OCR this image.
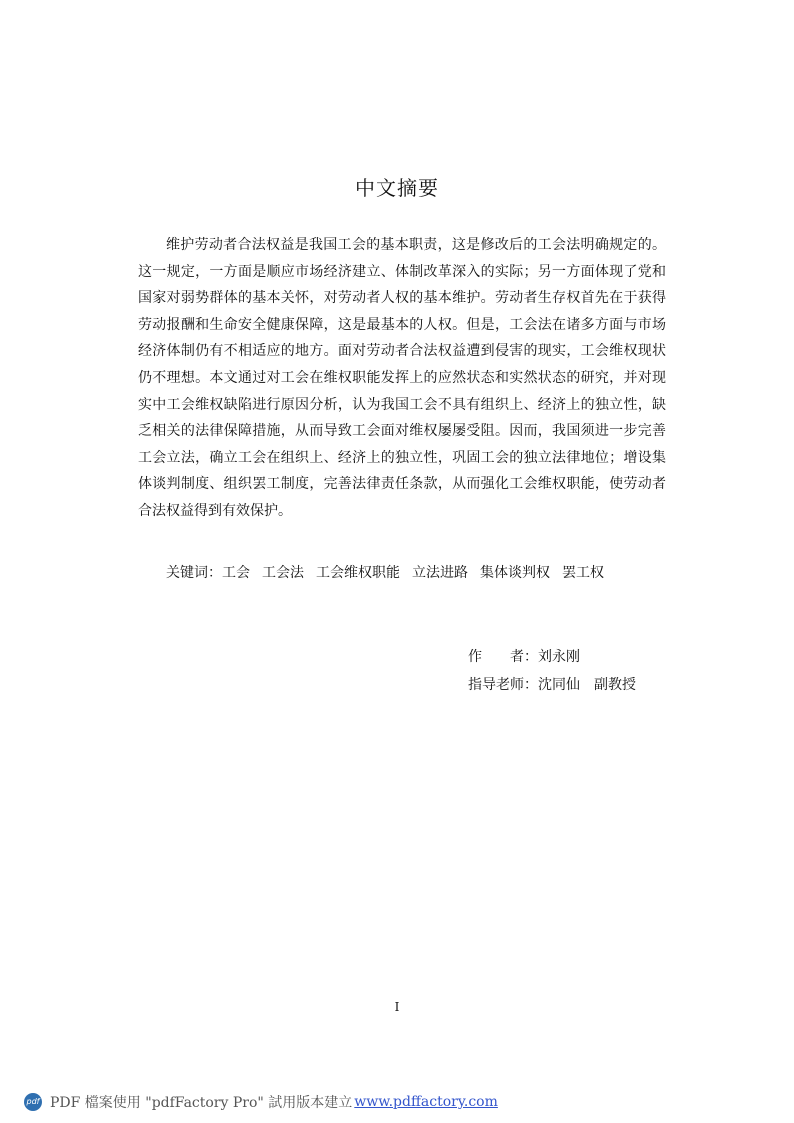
中文摘要

维护劳动者合法权益是我国工会的基本职责，这是修改后的工会法明确规定的。这一规定，一方面是顺应市场经济建立、体制改革深入的实际；另一方面体现了党和国家对弱势群体的基本关怀，对劳动者人权的基本维护。劳动者生存权首先在于获得劳动报酬和生命安全健康保障，这是最基本的人权。但是，工会法在诸多方面与市场经济体制仍有不相适应的地方。面对劳动者合法权益遭到侵害的现实，工会维权现状仍不理想。本文通过对工会在维权职能发挥上的应然状态和实然状态的研究，并对现实中工会维权缺陷进行原因分析，认为我国工会不具有组织上、经济上的独立性，缺乏相关的法律保障措施，从而导致工会面对维权屡屡受阻。因而，我国须进一步完善工会立法，确立工会在组织上、经济上的独立性，巩固工会的独立法律地位；增设集体谈判制度、组织罢工制度，完善法律责任条款，从而强化工会维权职能，使劳动者合法权益得到有效保护。

关键词：工会 工会法 工会维权职能 立法进路 集体谈判权 罢工权
作　　者：刘永刚
指导老师：沈同仙　副教授
I
pdf PDF 檔案使用 "pdfFactory Pro" 試用版本建立 www.pdffactory.com
